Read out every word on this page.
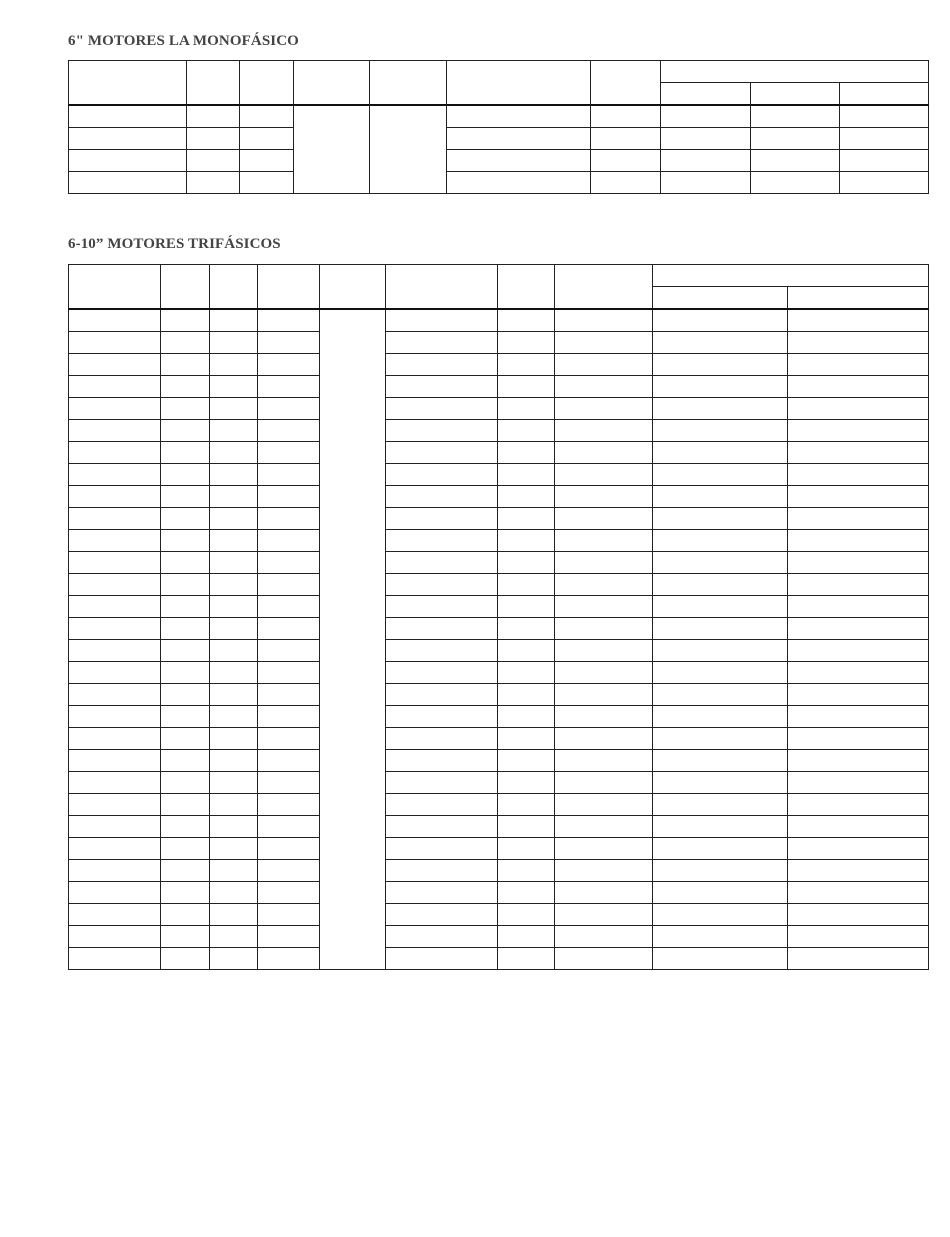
6" MOTORES LA MONOFÁSICO

6-10” MOTORES TRIFÁSICOS
